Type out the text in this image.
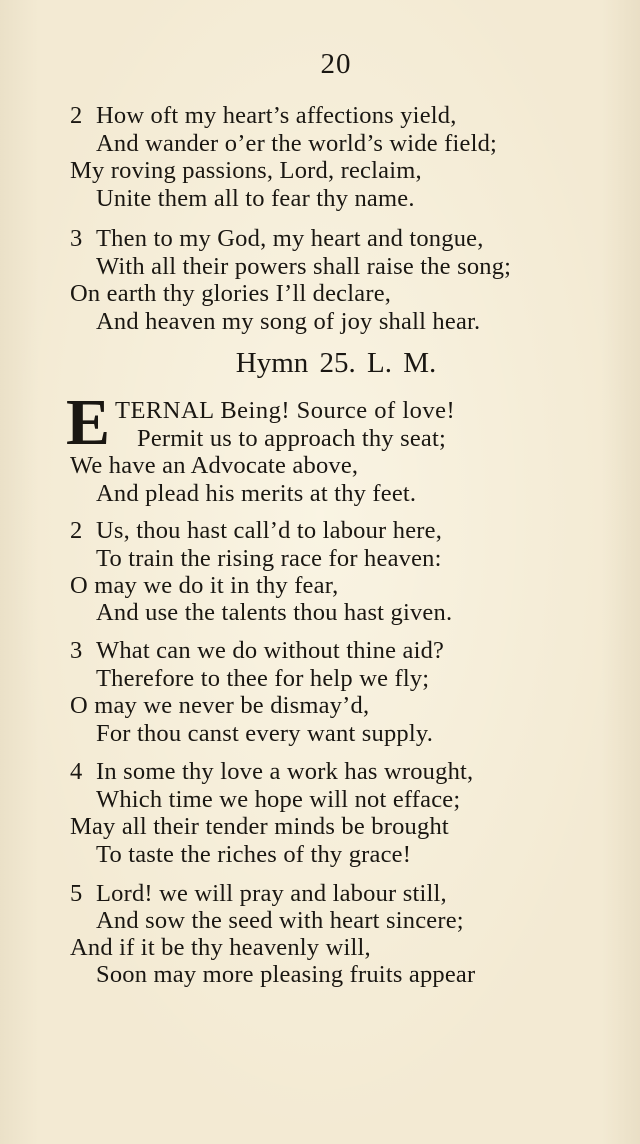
20
2 How oft my heart’s affections yield,
And wander o’er the world’s wide field;
My roving passions, Lord, reclaim,
Unite them all to fear thy name.
3 Then to my God, my heart and tongue,
With all their powers shall raise the song;
On earth thy glories I’ll declare,
And heaven my song of joy shall hear.
Hymn 25. L. M.
E TERNAL Being! Source of love!
Permit us to approach thy seat;
We have an Advocate above,
And plead his merits at thy feet.
2 Us, thou hast call’d to labour here,
To train the rising race for heaven:
O may we do it in thy fear,
And use the talents thou hast given.
3 What can we do without thine aid?
Therefore to thee for help we fly;
O may we never be dismay’d,
For thou canst every want supply.
4 In some thy love a work has wrought,
Which time we hope will not efface;
May all their tender minds be brought
To taste the riches of thy grace!
5 Lord! we will pray and labour still,
And sow the seed with heart sincere;
And if it be thy heavenly will,
Soon may more pleasing fruits appear
